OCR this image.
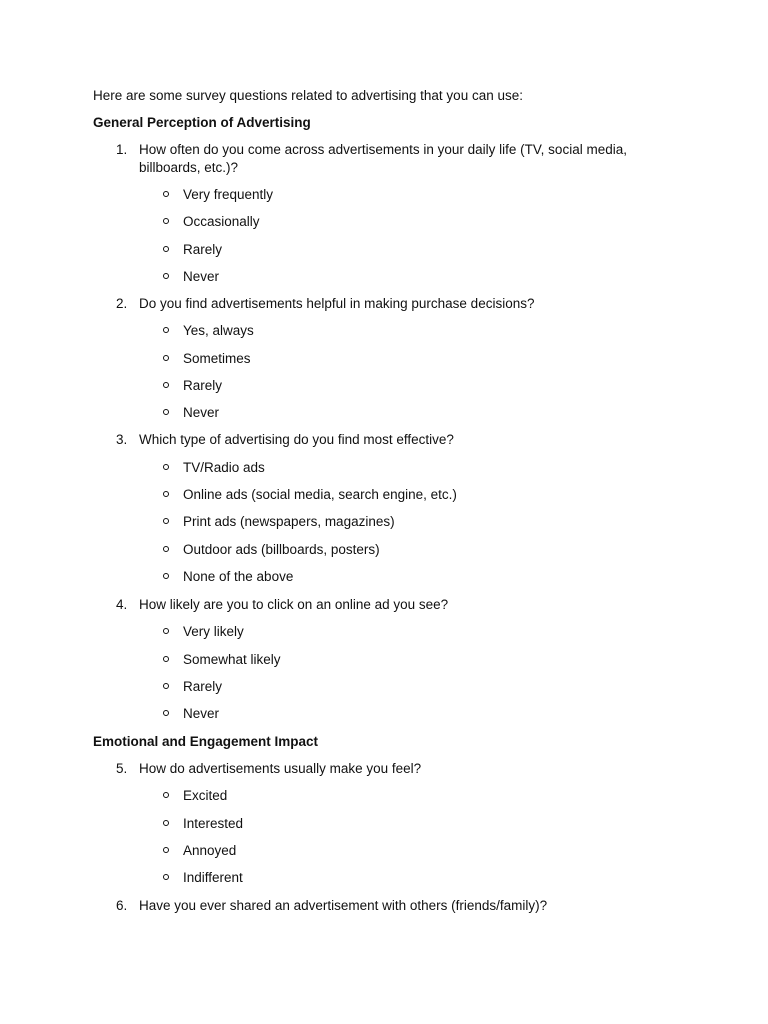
Here are some survey questions related to advertising that you can use:
General Perception of Advertising
1. How often do you come across advertisements in your daily life (TV, social media, billboards, etc.)?
Very frequently
Occasionally
Rarely
Never
2. Do you find advertisements helpful in making purchase decisions?
Yes, always
Sometimes
Rarely
Never
3. Which type of advertising do you find most effective?
TV/Radio ads
Online ads (social media, search engine, etc.)
Print ads (newspapers, magazines)
Outdoor ads (billboards, posters)
None of the above
4. How likely are you to click on an online ad you see?
Very likely
Somewhat likely
Rarely
Never
Emotional and Engagement Impact
5. How do advertisements usually make you feel?
Excited
Interested
Annoyed
Indifferent
6. Have you ever shared an advertisement with others (friends/family)?
